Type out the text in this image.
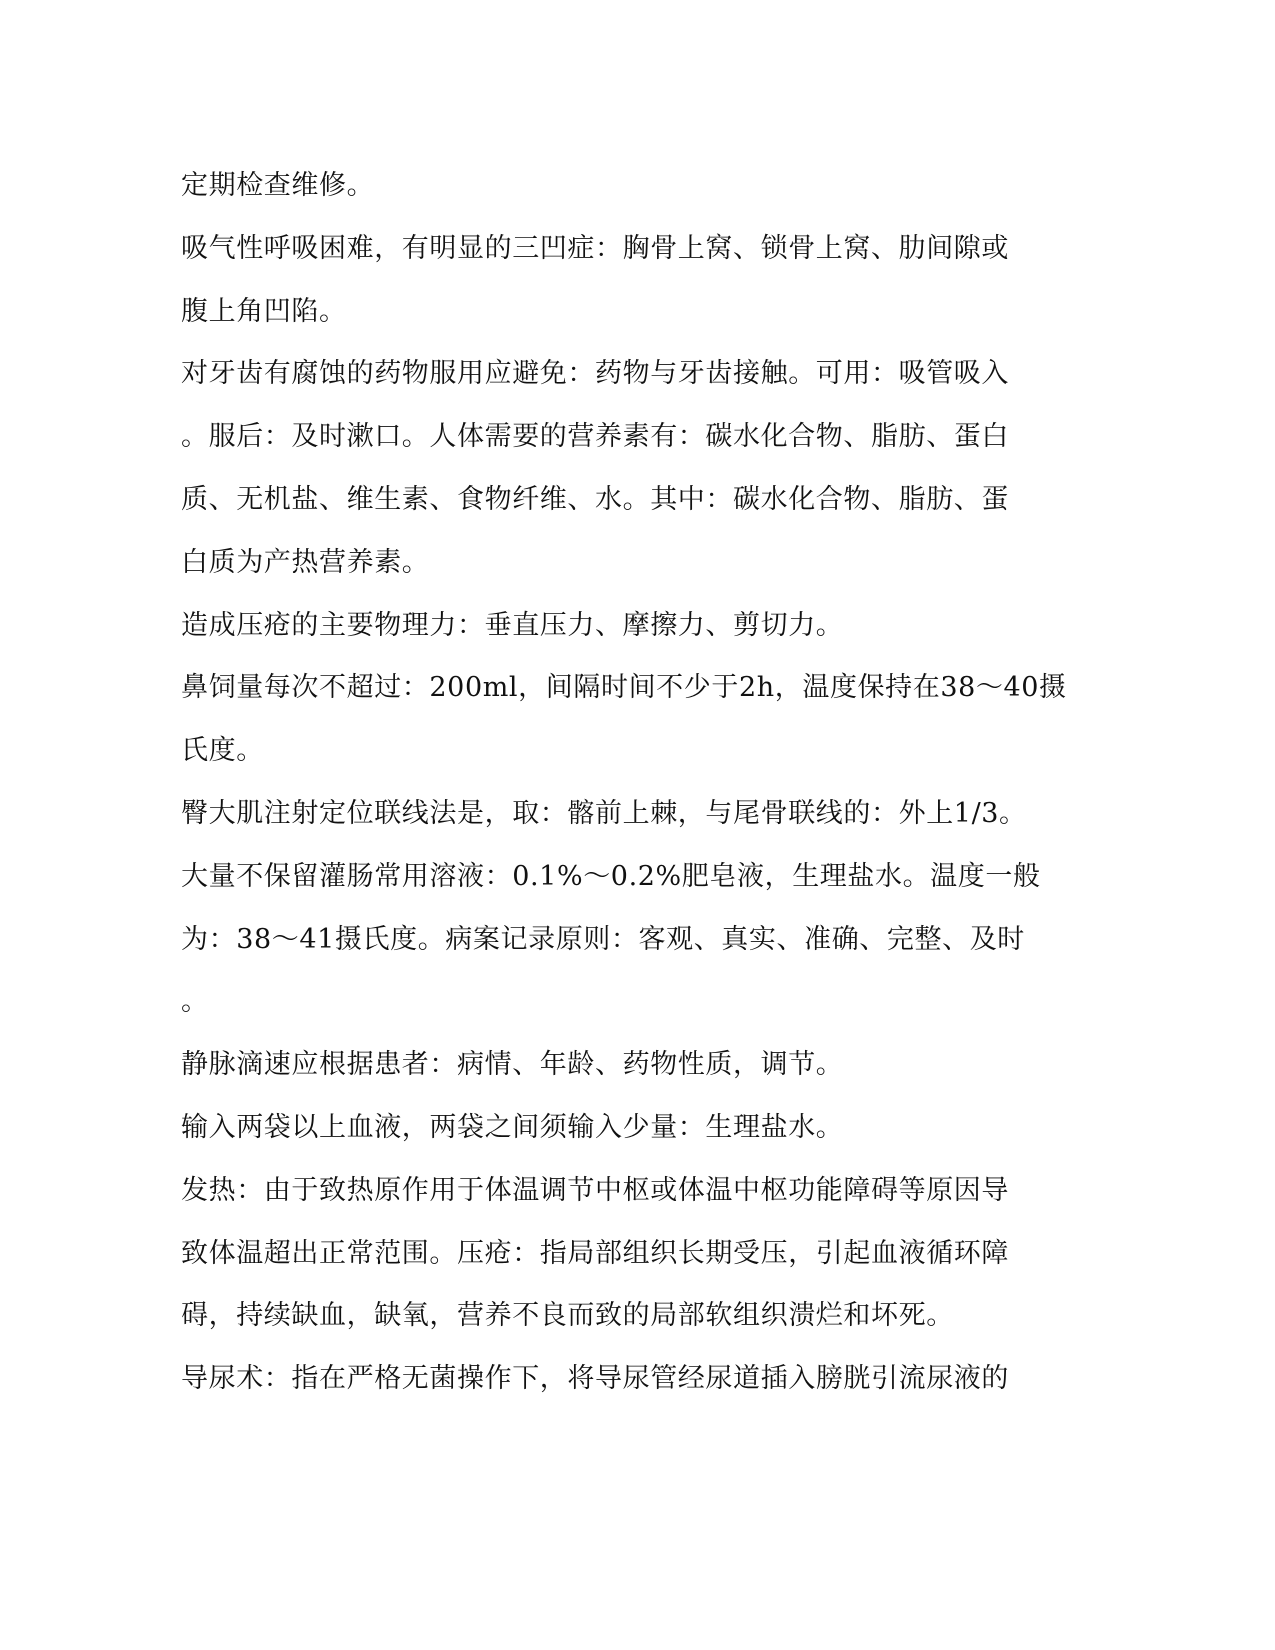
定期检查维修。
吸气性呼吸困难，有明显的三凹症：胸骨上窝、锁骨上窝、肋间隙或
腹上角凹陷。
对牙齿有腐蚀的药物服用应避免：药物与牙齿接触。可用：吸管吸入
。服后：及时漱口。人体需要的营养素有：碳水化合物、脂肪、蛋白
质、无机盐、维生素、食物纤维、水。其中：碳水化合物、脂肪、蛋
白质为产热营养素。
造成压疮的主要物理力：垂直压力、摩擦力、剪切力。
鼻饲量每次不超过：200ml，间隔时间不少于2h，温度保持在38～40摄
氏度。
臀大肌注射定位联线法是，取：髂前上棘，与尾骨联线的：外上1/3。
大量不保留灌肠常用溶液：0.1%～0.2%肥皂液，生理盐水。温度一般
为：38～41摄氏度。病案记录原则：客观、真实、准确、完整、及时
。
静脉滴速应根据患者：病情、年龄、药物性质，调节。
输入两袋以上血液，两袋之间须输入少量：生理盐水。
发热：由于致热原作用于体温调节中枢或体温中枢功能障碍等原因导
致体温超出正常范围。压疮：指局部组织长期受压，引起血液循环障
碍，持续缺血，缺氧，营养不良而致的局部软组织溃烂和坏死。
导尿术：指在严格无菌操作下，将导尿管经尿道插入膀胱引流尿液的
